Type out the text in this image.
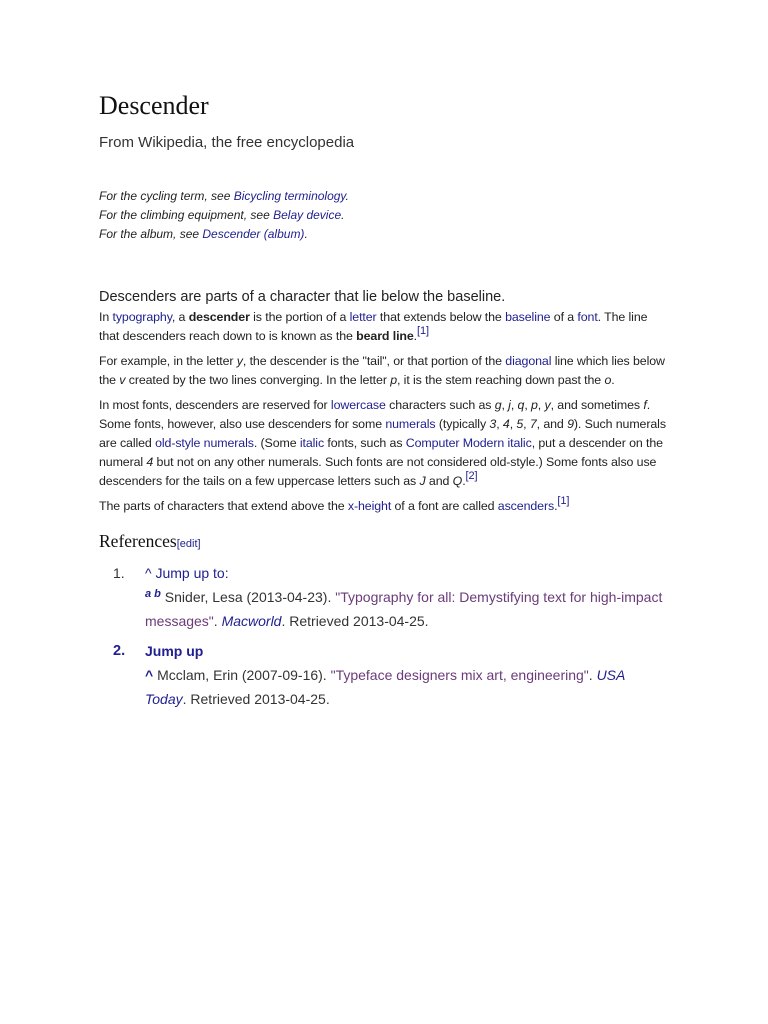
Descender
From Wikipedia, the free encyclopedia
For the cycling term, see Bicycling terminology.
For the climbing equipment, see Belay device.
For the album, see Descender (album).
Descenders are parts of a character that lie below the baseline.

In typography, a descender is the portion of a letter that extends below the baseline of a font. The line that descenders reach down to is known as the beard line.[1]

For example, in the letter y, the descender is the "tail", or that portion of the diagonal line which lies below the v created by the two lines converging. In the letter p, it is the stem reaching down past the o.

In most fonts, descenders are reserved for lowercase characters such as g, j, q, p, y, and sometimes f. Some fonts, however, also use descenders for some numerals (typically 3, 4, 5, 7, and 9). Such numerals are called old-style numerals. (Some italic fonts, such as Computer Modern italic, put a descender on the numeral 4 but not on any other numerals. Such fonts are not considered old-style.) Some fonts also use descenders for the tails on a few uppercase letters such as J and Q.[2]

The parts of characters that extend above the x-height of a font are called ascenders.[1]

References[edit]
1. ^ Jump up to:
$^{a b}$ Snider, Lesa (2013-04-23). "Typography for all: Demystifying text for high-impact messages". Macworld. Retrieved 2013-04-25.
2. Jump up
^ Mcclam, Erin (2007-09-16). "Typeface designers mix art, engineering". USA Today. Retrieved 2013-04-25.
